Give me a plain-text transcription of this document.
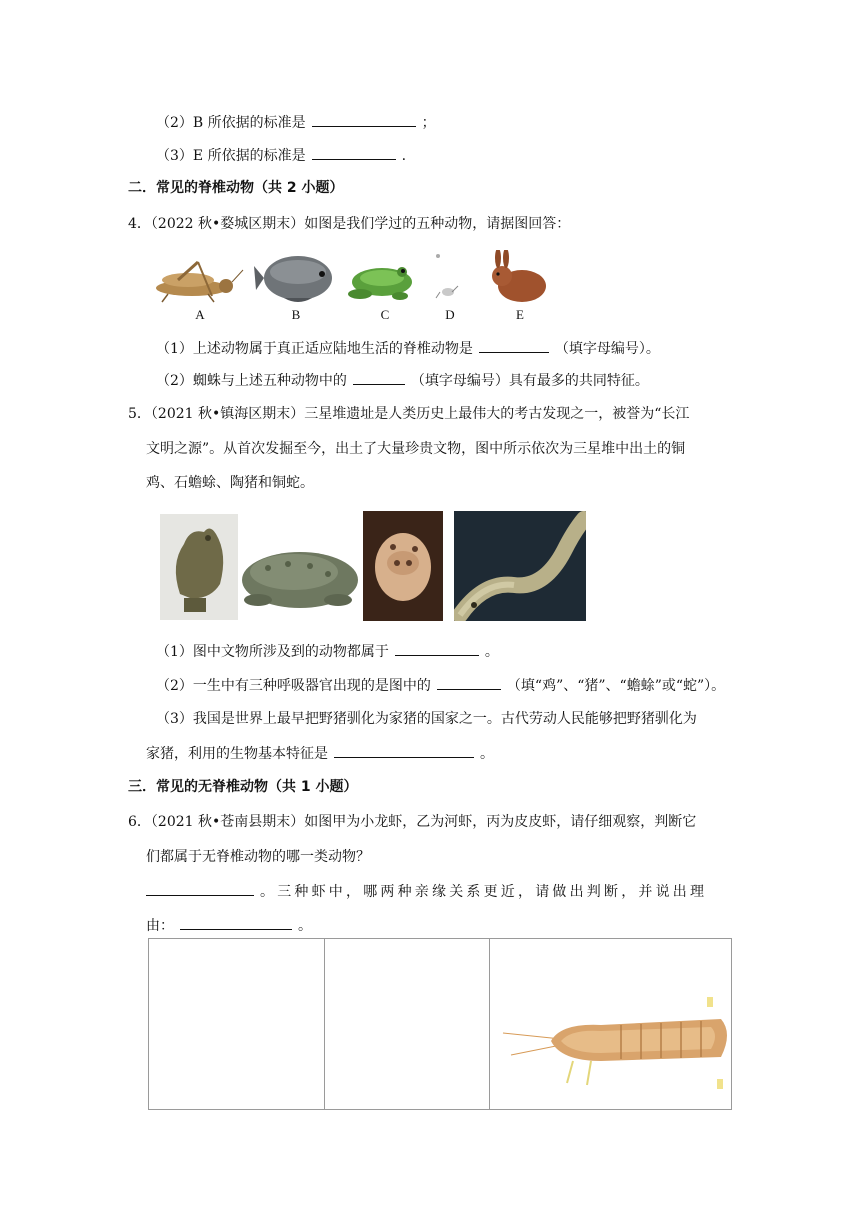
（2）B 所依据的标准是	；
（3）E 所依据的标准是	.
二．常见的脊椎动物（共 2 小题）
4．（2022 秋•婺城区期末）如图是我们学过的五种动物，请据图回答：
A	B	C	D	E
（1）上述动物属于真正适应陆地生活的脊椎动物是	（填字母编号）。
（2）蜘蛛与上述五种动物中的	（填字母编号）具有最多的共同特征。
5．（2021 秋•镇海区期末）三星堆遗址是人类历史上最伟大的考古发现之一，被誉为“长江
文明之源”。从首次发掘至今，出土了大量珍贵文物，图中所示依次为三星堆中出土的铜
鸡、石蟾蜍、陶猪和铜蛇。
（1）图中文物所涉及到的动物都属于	。
（2）一生中有三种呼吸器官出现的是图中的	（填“鸡”、“猪”、“蟾蜍”或“蛇”）。
（3）我国是世界上最早把野猪驯化为家猪的国家之一。古代劳动人民能够把野猪驯化为
家猪，利用的生物基本特征是	。
三．常见的无脊椎动物（共 1 小题）
6．（2021 秋•苍南县期末）如图甲为小龙虾，乙为河虾，丙为皮皮虾，请仔细观察，判断它
们都属于无脊椎动物的哪一类动物？
。三种虾中，哪两种亲缘关系更近，请做出判断，并说出理
由：	。
